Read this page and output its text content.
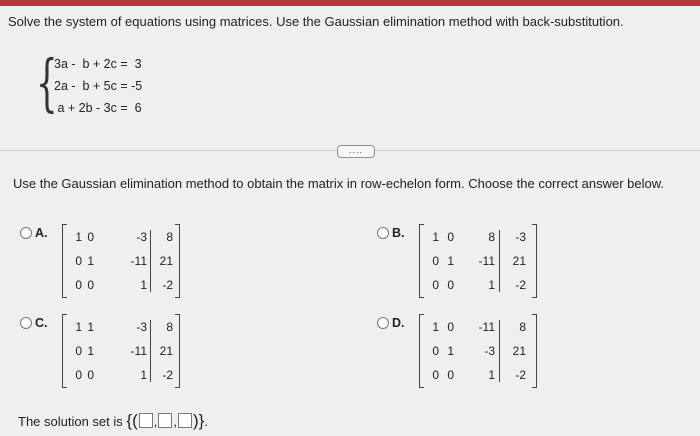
Solve the system of equations using matrices. Use the Gaussian elimination method with back-substitution.
{
3a -  b + 2c =  3
2a -  b + 5c = -5
a + 2b - 3c =  6
....
Use the Gaussian elimination method to obtain the matrix in row-echelon form. Choose the correct answer below.
A. 1 0	-3 8
0 1	-11 21
0 0	1 -2
B. 1 0	8 -3
0 1 -11 21
0 0	1 -2
C. 1 1	-3 8
0 1	-11 21
0 0	1 -2
D. 1 0 -11 8
0 1	-3 21
0 0	1 -2
The solution set is {( , , )}.
